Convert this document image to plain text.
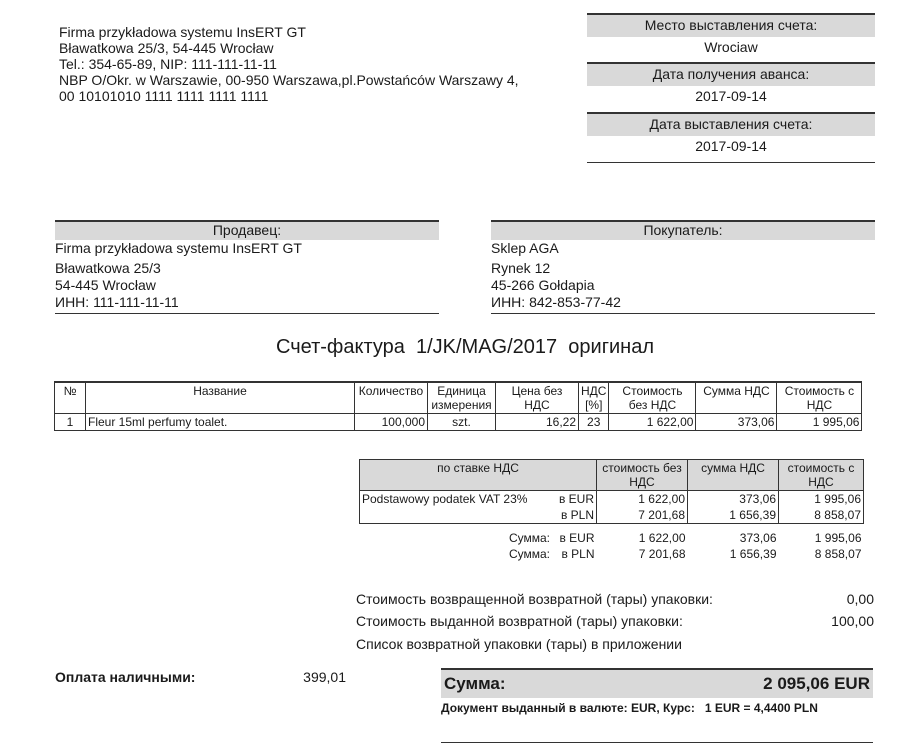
Firma przykładowa systemu InsERT GT
Bławatkowa 25/3, 54-445 Wrocław
Tel.: 354-65-89, NIP: 111-111-11-11
NBP O/Okr. w Warszawie, 00-950 Warszawa,pl.Powstańców Warszawy 4,
00 10101010 1111 1111 1111 1111
Место выставления счета:
Wrociaw
Дата получения аванса:
2017-09-14
Дата выставления счета:
2017-09-14
Продавец:
Firma przykładowa systemu InsERT GT
Bławatkowa 25/3
54-445 Wrocław
ИНН: 111-111-11-11
Покупатель:
Sklep AGA
Rynek 12
45-266 Gołdapia
ИНН: 842-853-77-42
Счет-фактура  1/JK/MAG/2017  оригинал
№	Название	Количество	Единица измерения	Цена без НДС	НДС [%]	Стоимость без НДС	Сумма НДС	Стоимость с НДС
1	Fleur 15ml perfumy toalet.	100,000	szt.	16,22	23	1 622,00	373,06	1 995,06
по ставке НДС		стоимость без НДС	сумма НДС	стоимость с НДС
Podstawowy podatek VAT 23%	в EUR	1 622,00	373,06	1 995,06
	в PLN	7 201,68	1 656,39	8 858,07

Сумма:	в EUR	1 622,00	373,06	1 995,06
Сумма:	в PLN	7 201,68	1 656,39	8 858,07
Стоимость возвращенной возвратной (тары) упаковки:	0,00
Стоимость выданной возвратной (тары) упаковки:	100,00
Список возвратной упаковки (тары) в приложении
Оплата наличными:	399,01	Сумма:	2 095,06 EUR
Документ выданный в валюте: EUR, Курс:   1 EUR = 4,4400 PLN
